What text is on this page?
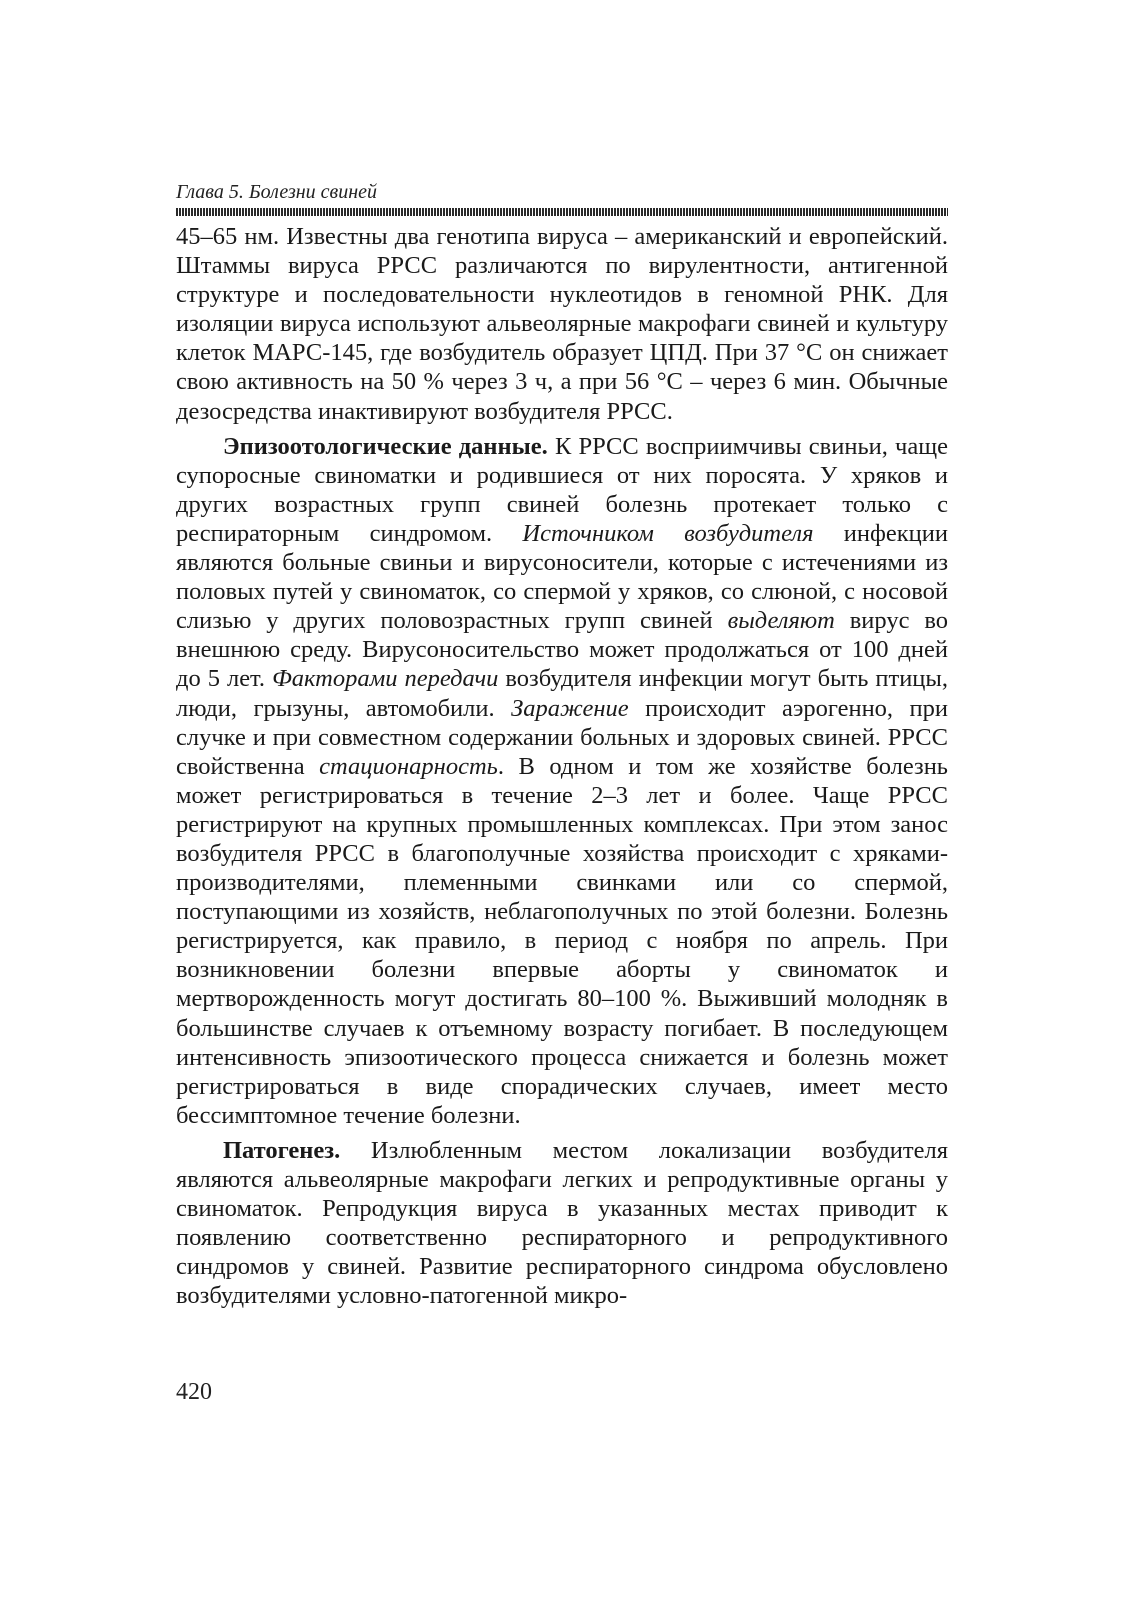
Глава 5. Болезни свиней

45–65 нм. Известны два генотипа вируса – американский и европейский. Штаммы вируса РРСС различаются по вирулентности, антигенной структуре и последовательности нуклеотидов в геномной РНК. Для изоляции вируса используют альвеолярные макрофаги свиней и культуру клеток МАРС-145, где возбудитель образует ЦПД. При 37 °С он снижает свою активность на 50 % через 3 ч, а при 56 °С – через 6 мин. Обычные дезосредства инактивируют возбудителя РРСС.

Эпизоотологические данные. К РРСС восприимчивы свиньи, чаще супоросные свиноматки и родившиеся от них поросята. У хряков и других возрастных групп свиней болезнь протекает только с респираторным синдромом. Источником возбудителя инфекции являются больные свиньи и вирусоносители, которые с истечениями из половых путей у свиноматок, со спермой у хряков, со слюной, с носовой слизью у других половозрастных групп свиней выделяют вирус во внешнюю среду. Вирусоносительство может продолжаться от 100 дней до 5 лет. Факторами передачи возбудителя инфекции могут быть птицы, люди, грызуны, автомобили. Заражение происходит аэрогенно, при случке и при совместном содержании больных и здоровых свиней. РРСС свойственна стационарность. В одном и том же хозяйстве болезнь может регистрироваться в течение 2–3 лет и более. Чаще РРСС регистрируют на крупных промышленных комплексах. При этом занос возбудителя РРСС в благополучные хозяйства происходит с хряками-производителями, племенными свинками или со спермой, поступающими из хозяйств, неблагополучных по этой болезни. Болезнь регистрируется, как правило, в период с ноября по апрель. При возникновении болезни впервые аборты у свиноматок и мертворожденность могут достигать 80–100 %. Выживший молодняк в большинстве случаев к отъемному возрасту погибает. В последующем интенсивность эпизоотического процесса снижается и болезнь может регистрироваться в виде спорадических случаев, имеет место бессимптомное течение болезни.

Патогенез. Излюбленным местом локализации возбудителя являются альвеолярные макрофаги легких и репродуктивные органы у свиноматок. Репродукция вируса в указанных местах приводит к появлению соответственно респираторного и репродуктивного синдромов у свиней. Развитие респираторного синдрома обусловлено возбудителями условно-патогенной микро-

420
